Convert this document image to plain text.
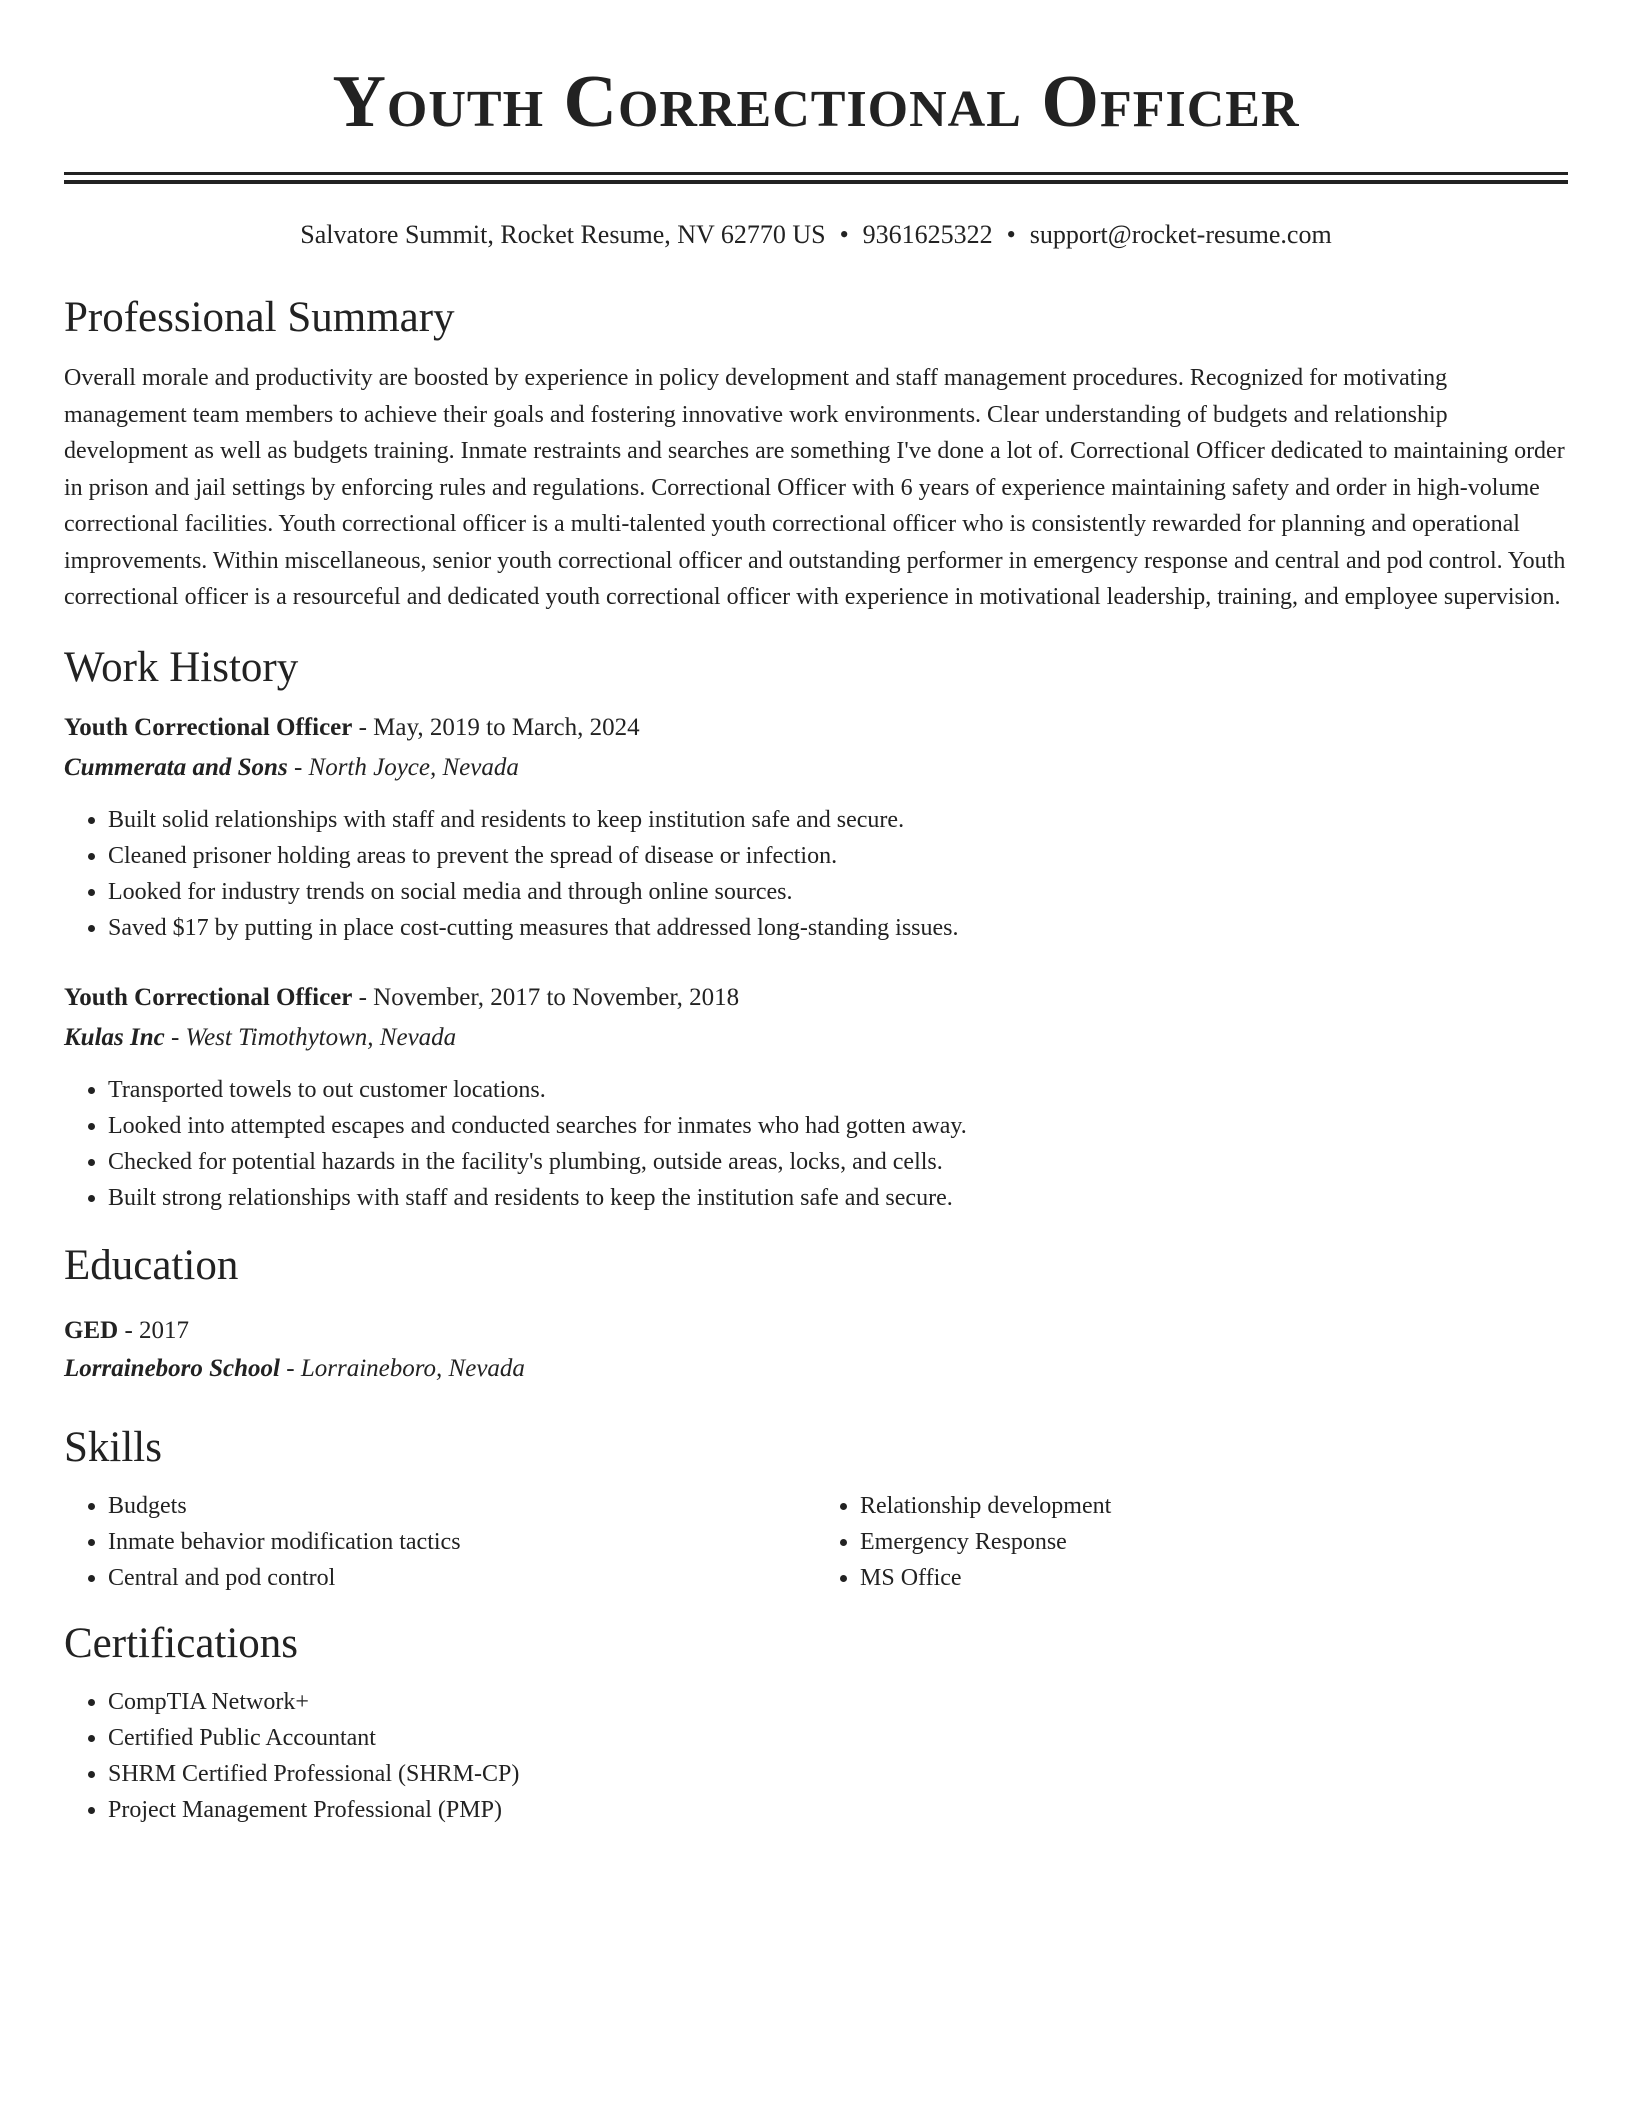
Youth Correctional Officer
Salvatore Summit, Rocket Resume, NV 62770 US • 9361625322 • support@rocket-resume.com
Professional Summary
Overall morale and productivity are boosted by experience in policy development and staff management procedures. Recognized for motivating management team members to achieve their goals and fostering innovative work environments. Clear understanding of budgets and relationship development as well as budgets training. Inmate restraints and searches are something I've done a lot of. Correctional Officer dedicated to maintaining order in prison and jail settings by enforcing rules and regulations. Correctional Officer with 6 years of experience maintaining safety and order in high-volume correctional facilities. Youth correctional officer is a multi-talented youth correctional officer who is consistently rewarded for planning and operational improvements. Within miscellaneous, senior youth correctional officer and outstanding performer in emergency response and central and pod control. Youth correctional officer is a resourceful and dedicated youth correctional officer with experience in motivational leadership, training, and employee supervision.
Work History
Youth Correctional Officer - May, 2019 to March, 2024
Cummerata and Sons - North Joyce, Nevada
• Built solid relationships with staff and residents to keep institution safe and secure.
• Cleaned prisoner holding areas to prevent the spread of disease or infection.
• Looked for industry trends on social media and through online sources.
• Saved $17 by putting in place cost-cutting measures that addressed long-standing issues.
Youth Correctional Officer - November, 2017 to November, 2018
Kulas Inc - West Timothytown, Nevada
• Transported towels to out customer locations.
• Looked into attempted escapes and conducted searches for inmates who had gotten away.
• Checked for potential hazards in the facility's plumbing, outside areas, locks, and cells.
• Built strong relationships with staff and residents to keep the institution safe and secure.
Education
GED - 2017
Lorraineboro School - Lorraineboro, Nevada
Skills
• Budgets
• Inmate behavior modification tactics
• Central and pod control
• Relationship development
• Emergency Response
• MS Office
Certifications
• CompTIA Network+
• Certified Public Accountant
• SHRM Certified Professional (SHRM-CP)
• Project Management Professional (PMP)
